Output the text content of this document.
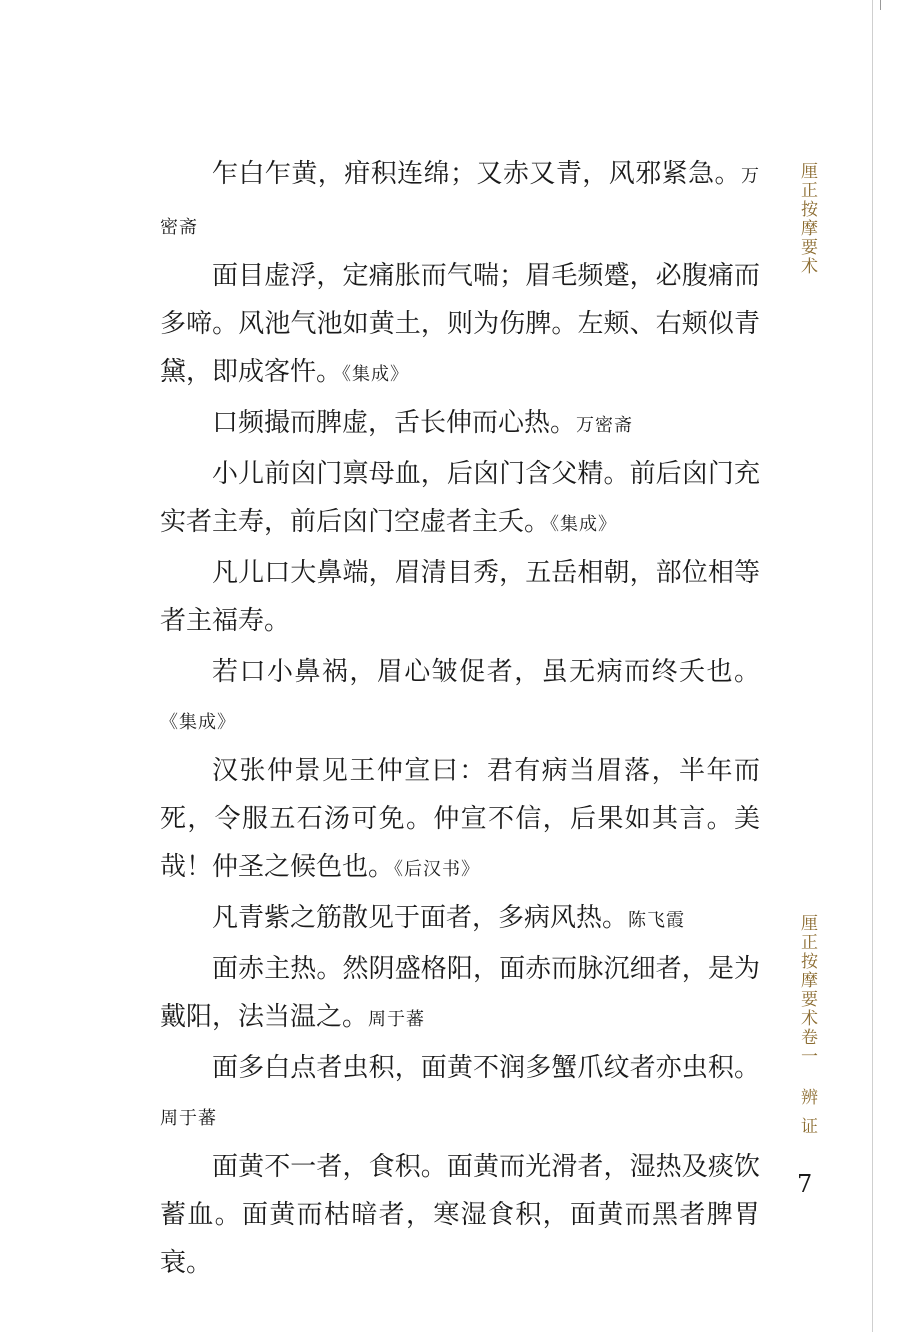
厘正按摩要术

乍白乍黄，疳积连绵；又赤又青，风邪紧急。万密斋

面目虚浮，定痛胀而气喘；眉毛频蹙，必腹痛而多啼。风池气池如黄土，则为伤脾。左颊、右颊似青黛，即成客忤。《集成》

口频撮而脾虚，舌长伸而心热。万密斋

小儿前囟门禀母血，后囟门含父精。前后囟门充实者主寿，前后囟门空虚者主夭。《集成》

凡儿口大鼻端，眉清目秀，五岳相朝，部位相等者主福寿。

若口小鼻祸，眉心皱促者，虽无病而终夭也。《集成》

汉张仲景见王仲宣曰：君有病当眉落，半年而死，令服五石汤可免。仲宣不信，后果如其言。美哉！仲圣之候色也。《后汉书》

凡青紫之筋散见于面者，多病风热。陈飞霞

面赤主热。然阴盛格阳，面赤而脉沉细者，是为戴阳，法当温之。周于蕃

面多白点者虫积，面黄不润多蟹爪纹者亦虫积。周于蕃

面黄不一者，食积。面黄而光滑者，湿热及痰饮蓄血。面黄而枯暗者，寒湿食积，面黄而黑者脾胃衰。

厘正按摩要术卷一
辨证
7
